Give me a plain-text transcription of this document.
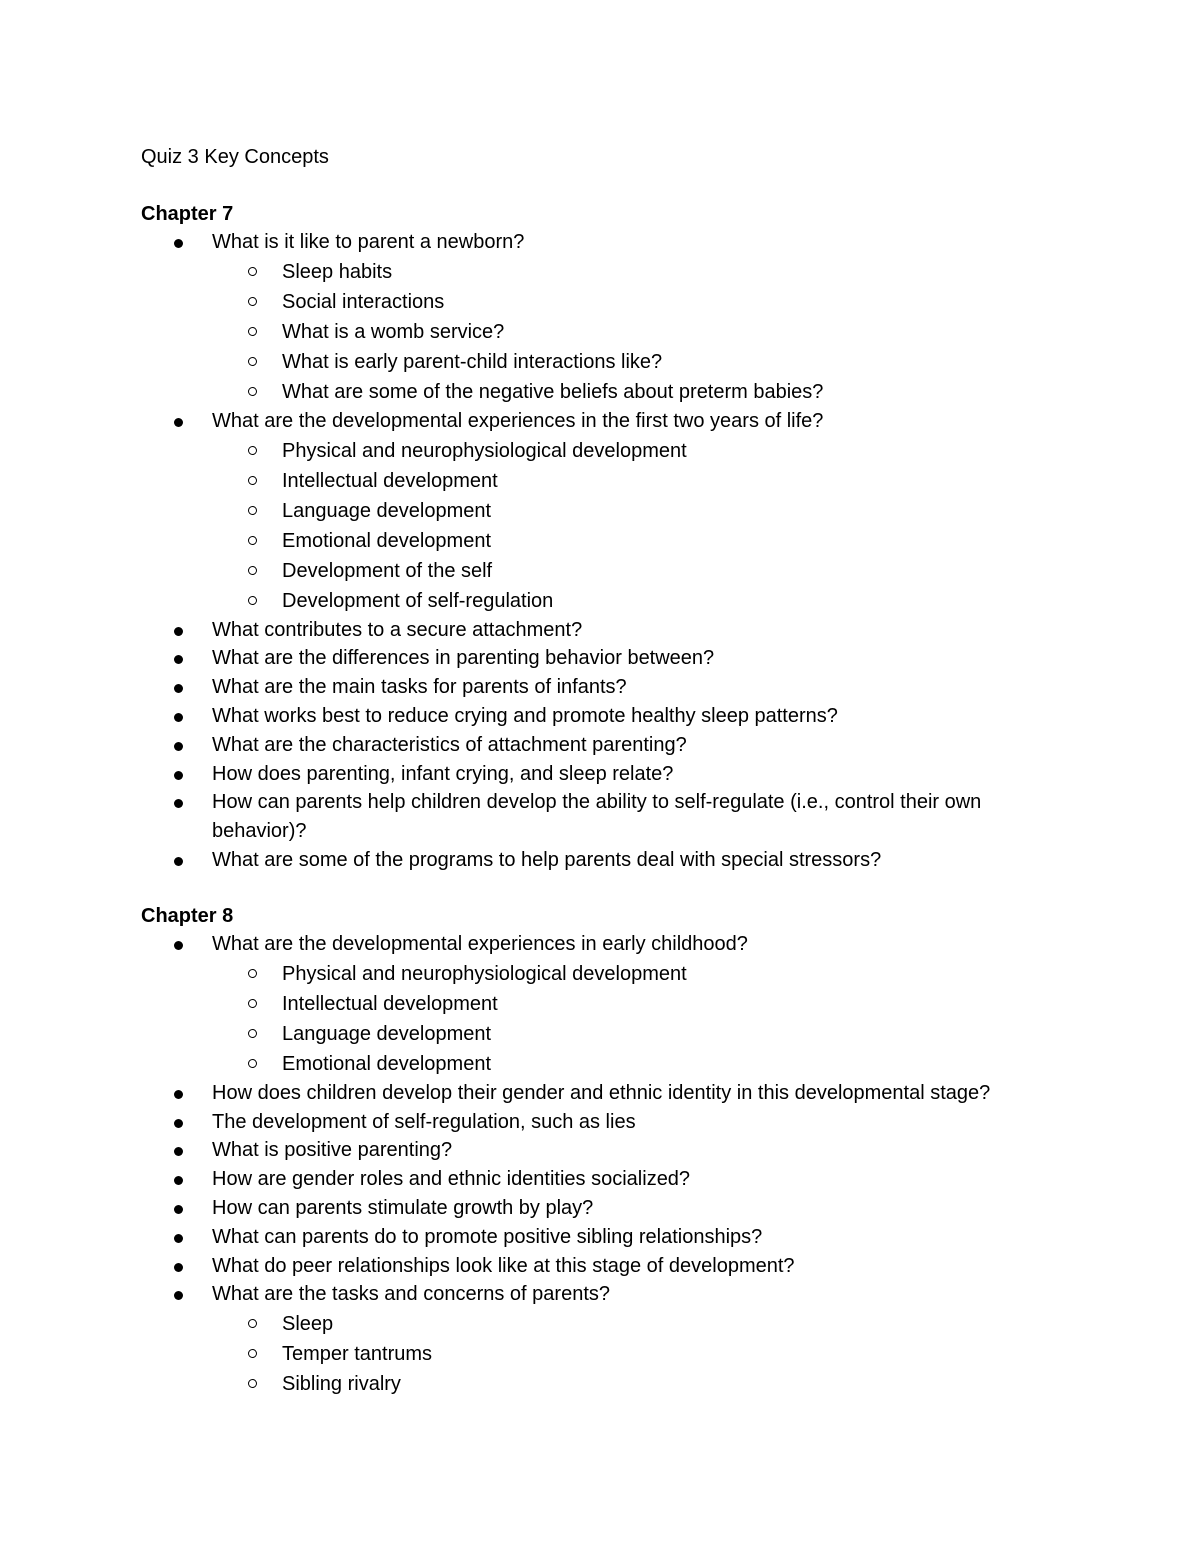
Quiz 3 Key Concepts
Chapter 7
What is it like to parent a newborn?
Sleep habits
Social interactions
What is a womb service?
What is early parent-child interactions like?
What are some of the negative beliefs about preterm babies?
What are the developmental experiences in the first two years of life?
Physical and neurophysiological development
Intellectual development
Language development
Emotional development
Development of the self
Development of self-regulation
What contributes to a secure attachment?
What are the differences in parenting behavior between?
What are the main tasks for parents of infants?
What works best to reduce crying and promote healthy sleep patterns?
What are the characteristics of attachment parenting?
How does parenting, infant crying, and sleep relate?
How can parents help children develop the ability to self-regulate (i.e., control their own behavior)?
What are some of the programs to help parents deal with special stressors?
Chapter 8
What are the developmental experiences in early childhood?
Physical and neurophysiological development
Intellectual development
Language development
Emotional development
How does children develop their gender and ethnic identity in this developmental stage?
The development of self-regulation, such as lies
What is positive parenting?
How are gender roles and ethnic identities socialized?
How can parents stimulate growth by play?
What can parents do to promote positive sibling relationships?
What do peer relationships look like at this stage of development?
What are the tasks and concerns of parents?
Sleep
Temper tantrums
Sibling rivalry
